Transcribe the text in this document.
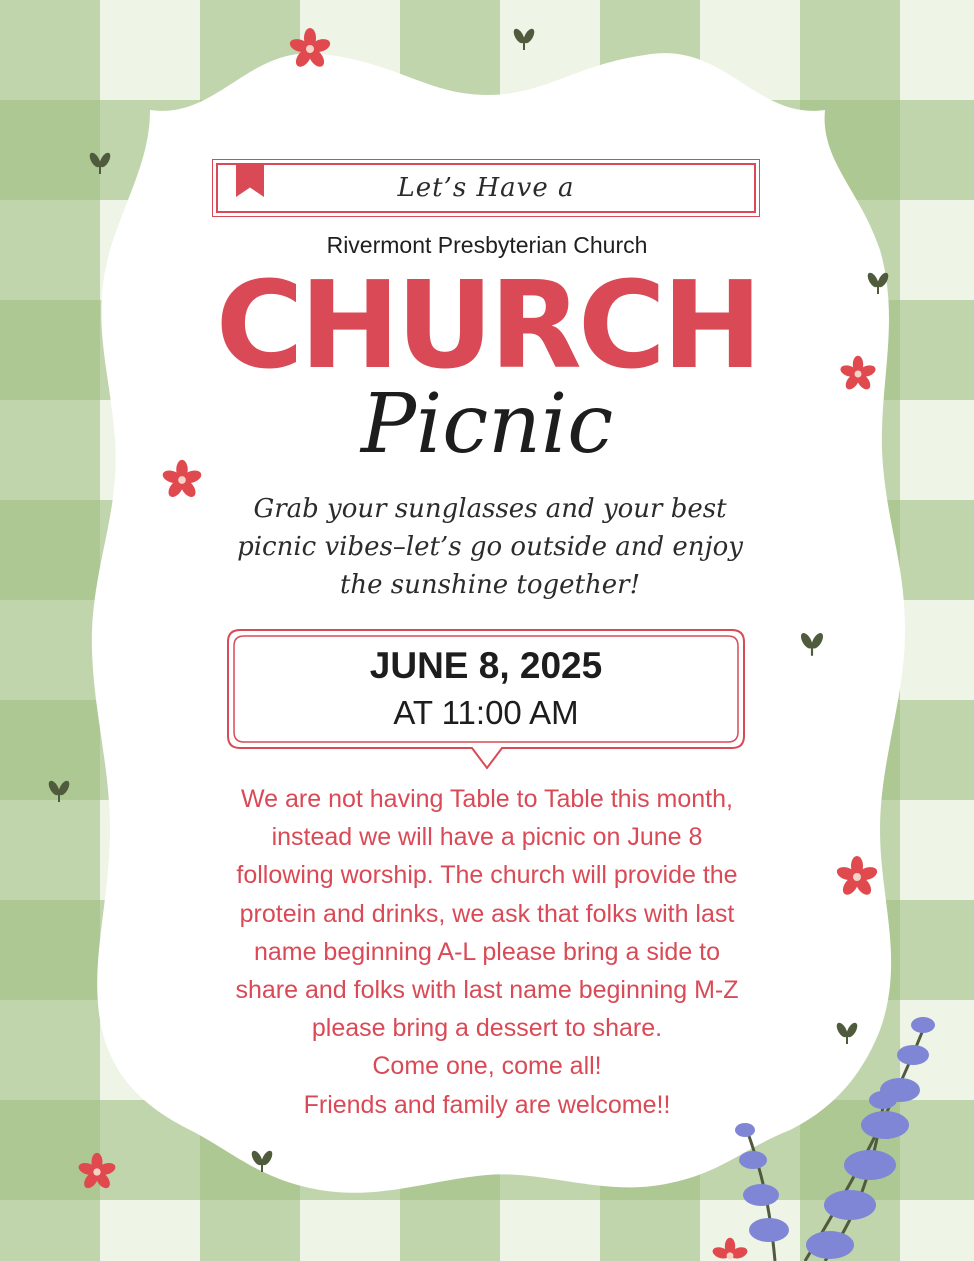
Let’s Have a
Rivermont Presbyterian Church
CHURCH
Picnic
Grab your sunglasses and your best
picnic vibes–let’s go outside and enjoy
the sunshine together!
JUNE 8, 2025
AT 11:00 AM
We are not having Table to Table this month,
instead we will have a picnic on June 8
following worship. The church will provide the
protein and drinks, we ask that folks with last
name beginning A-L please bring a side to
share and folks with last name beginning M-Z
please bring a dessert to share.
Come one, come all!
Friends and family are welcome!!
